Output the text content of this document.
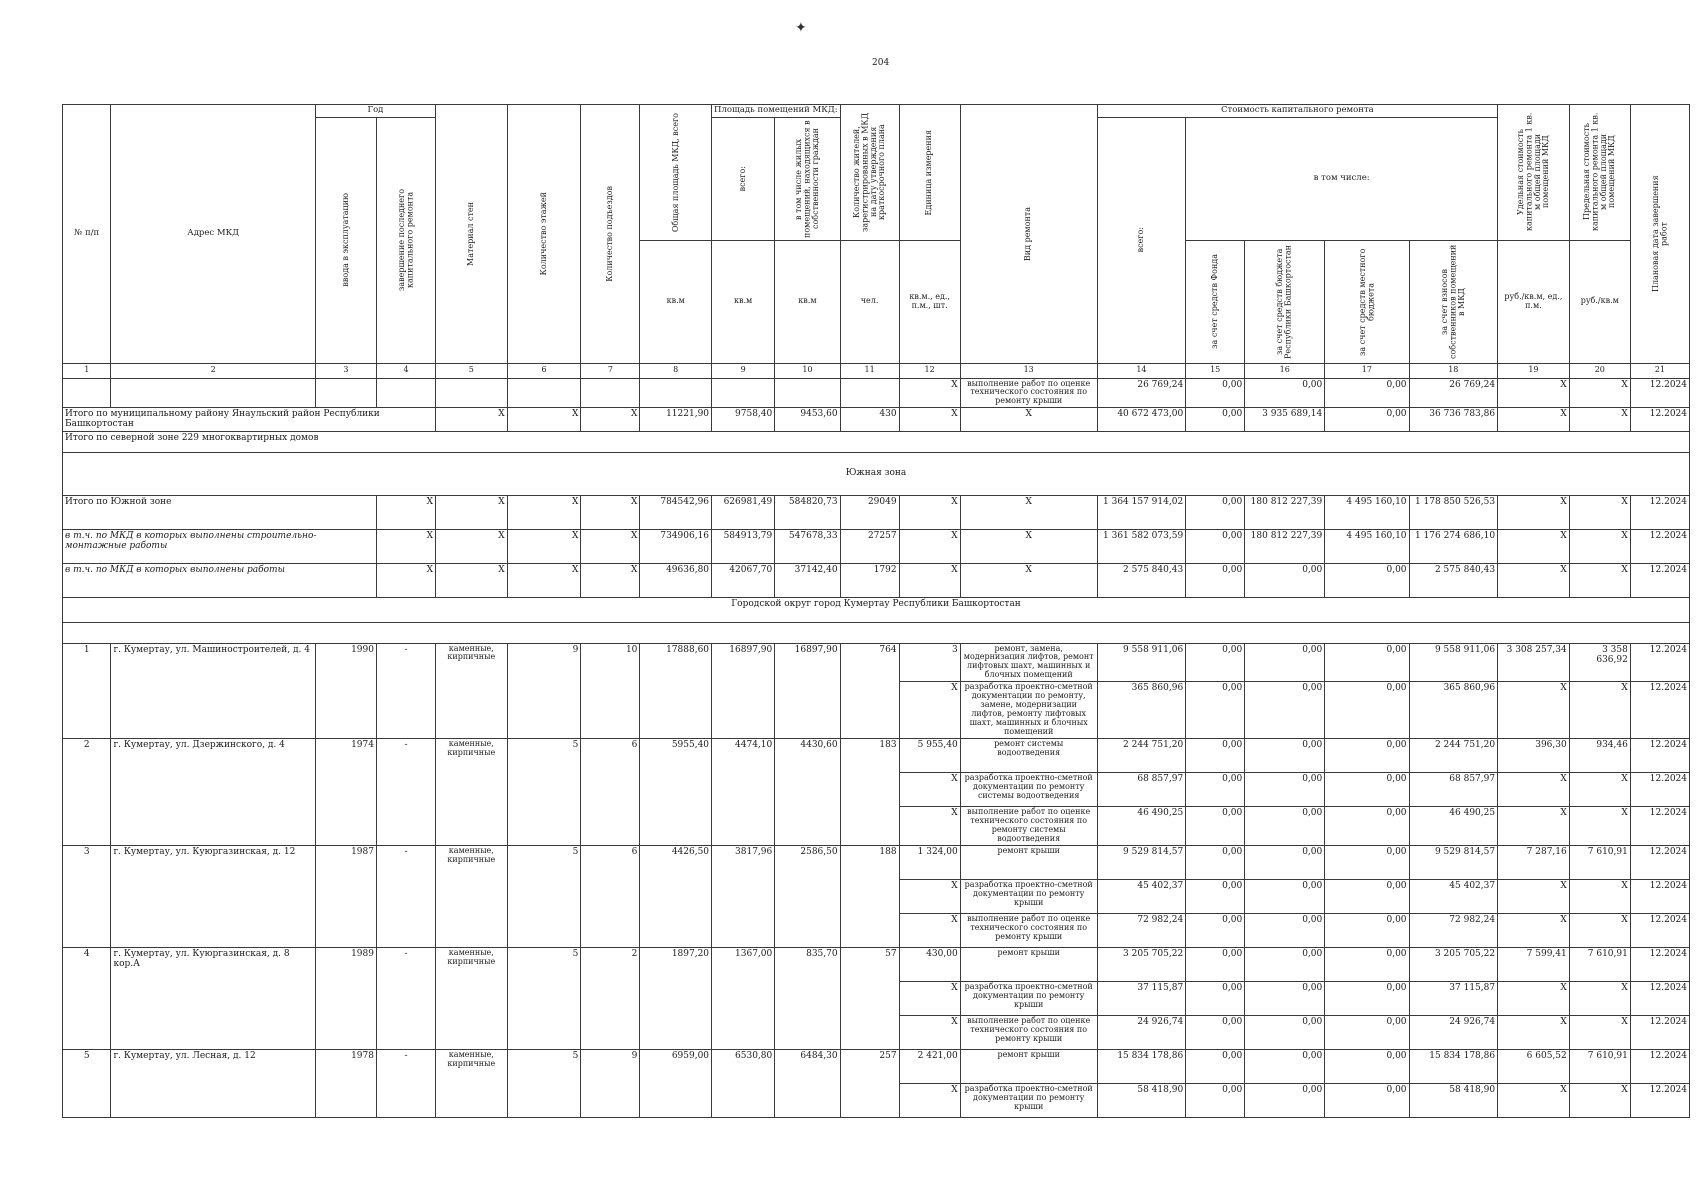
✦
204
№ п/п	Адрес МКД	Год		Материал стен	Количество этажей	Количество подъездов	Общая площадь МКД, всего	Площадь помещений МКД:		Количество жителей, зарегистрированных в МКД на дату утверждения краткосрочного плана	Единица измерения	Вид ремонта	Стоимость капитального ремонта					Удельная стоимость капитального ремонта 1 кв. м общей площади помещений МКД	Предельная стоимость капитального ремонта 1 кв. м общей площади помещений МКД	Плановая дата завершения работ

		ввода в эксплуатацию	завершение последнего капитального ремонта					всего:	в том числе жилых помещений, находящихся в собственности граждан				всего:	в том числе:						
							кв.м	кв.м	кв.м	чел.	кв.м., ед., п.м., шт.			за счет средств Фонда	за счет средств бюджета Республики Башкортостан	за счет средств местного бюджета	за счет взносов собственников помещений в МКД	руб./кв.м, ед., п.м.	руб./кв.м	
1	2	3	4	5	6	7	8	9	10	11	12	13	14	15	16	17	18	19	20	21
											X	выполнение работ по оценке технического состояния по ремонту крыши	26 769,24	0,00	0,00	0,00	26 769,24	X	X	12.2024
Итого по муниципальному району Янаульский район Республики Башкортостан				X	X	X	11221,90	9758,40	9453,60	430	X	X	40 672 473,00	0,00	3 935 689,14	0,00	36 736 783,86	X	X	12.2024
Итого по северной зоне 229 многоквартирных домов																				
Южная зона																				
Итого по Южной зоне			X	X	X	X	784542,96	626981,49	584820,73	29049	X	X	1 364 157 914,02	0,00	180 812 227,39	4 495 160,10	1 178 850 526,53	X	X	12.2024
в т.ч. по МКД в которых выполнены строительно-монтажные работы			X	X	X	X	734906,16	584913,79	547678,33	27257	X	X	1 361 582 073,59	0,00	180 812 227,39	4 495 160,10	1 176 274 686,10	X	X	12.2024
в т.ч. по МКД в которых выполнены работы			X	X	X	X	49636,80	42067,70	37142,40	1792	X	X	2 575 840,43	0,00	0,00	0,00	2 575 840,43	X	X	12.2024
Городской округ город Кумертау Республики Башкортостан																				

1	г. Кумертау, ул. Машиностроителей, д. 4	1990	-	каменные, кирпичные	9	10	17888,60	16897,90	16897,90	764	3	ремонт, замена, модернизация лифтов, ремонт лифтовых шахт, машинных и блочных помещений	9 558 911,06	0,00	0,00	0,00	9 558 911,06	3 308 257,34	3 358 636,92	12.2024
											X	разработка проектно-сметной документации по ремонту, замене, модернизации лифтов, ремонту лифтовых шахт, машинных и блочных помещений	365 860,96	0,00	0,00	0,00	365 860,96	X	X	12.2024
2	г. Кумертау, ул. Дзержинского, д. 4	1974	-	каменные, кирпичные	5	6	5955,40	4474,10	4430,60	183	5 955,40	ремонт системы водоотведения	2 244 751,20	0,00	0,00	0,00	2 244 751,20	396,30	934,46	12.2024
											X	разработка проектно-сметной документации по ремонту системы водоотведения	68 857,97	0,00	0,00	0,00	68 857,97	X	X	12.2024
											X	выполнение работ по оценке технического состояния по ремонту системы водоотведения	46 490,25	0,00	0,00	0,00	46 490,25	X	X	12.2024
3	г. Кумертау, ул. Куюргазинская, д. 12	1987	-	каменные, кирпичные	5	6	4426,50	3817,96	2586,50	188	1 324,00	ремонт крыши	9 529 814,57	0,00	0,00	0,00	9 529 814,57	7 287,16	7 610,91	12.2024
											X	разработка проектно-сметной документации по ремонту крыши	45 402,37	0,00	0,00	0,00	45 402,37	X	X	12.2024
											X	выполнение работ по оценке технического состояния по ремонту крыши	72 982,24	0,00	0,00	0,00	72 982,24	X	X	12.2024
4	г. Кумертау, ул. Куюргазинская, д. 8 кор.А	1989	-	каменные, кирпичные	5	2	1897,20	1367,00	835,70	57	430,00	ремонт крыши	3 205 705,22	0,00	0,00	0,00	3 205 705,22	7 599,41	7 610,91	12.2024
											X	разработка проектно-сметной документации по ремонту крыши	37 115,87	0,00	0,00	0,00	37 115,87	X	X	12.2024
											X	выполнение работ по оценке технического состояния по ремонту крыши	24 926,74	0,00	0,00	0,00	24 926,74	X	X	12.2024
5	г. Кумертау, ул. Лесная, д. 12	1978	-	каменные, кирпичные	5	9	6959,00	6530,80	6484,30	257	2 421,00	ремонт крыши	15 834 178,86	0,00	0,00	0,00	15 834 178,86	6 605,52	7 610,91	12.2024
											X	разработка проектно-сметной документации по ремонту крыши	58 418,90	0,00	0,00	0,00	58 418,90	X	X	12.2024
